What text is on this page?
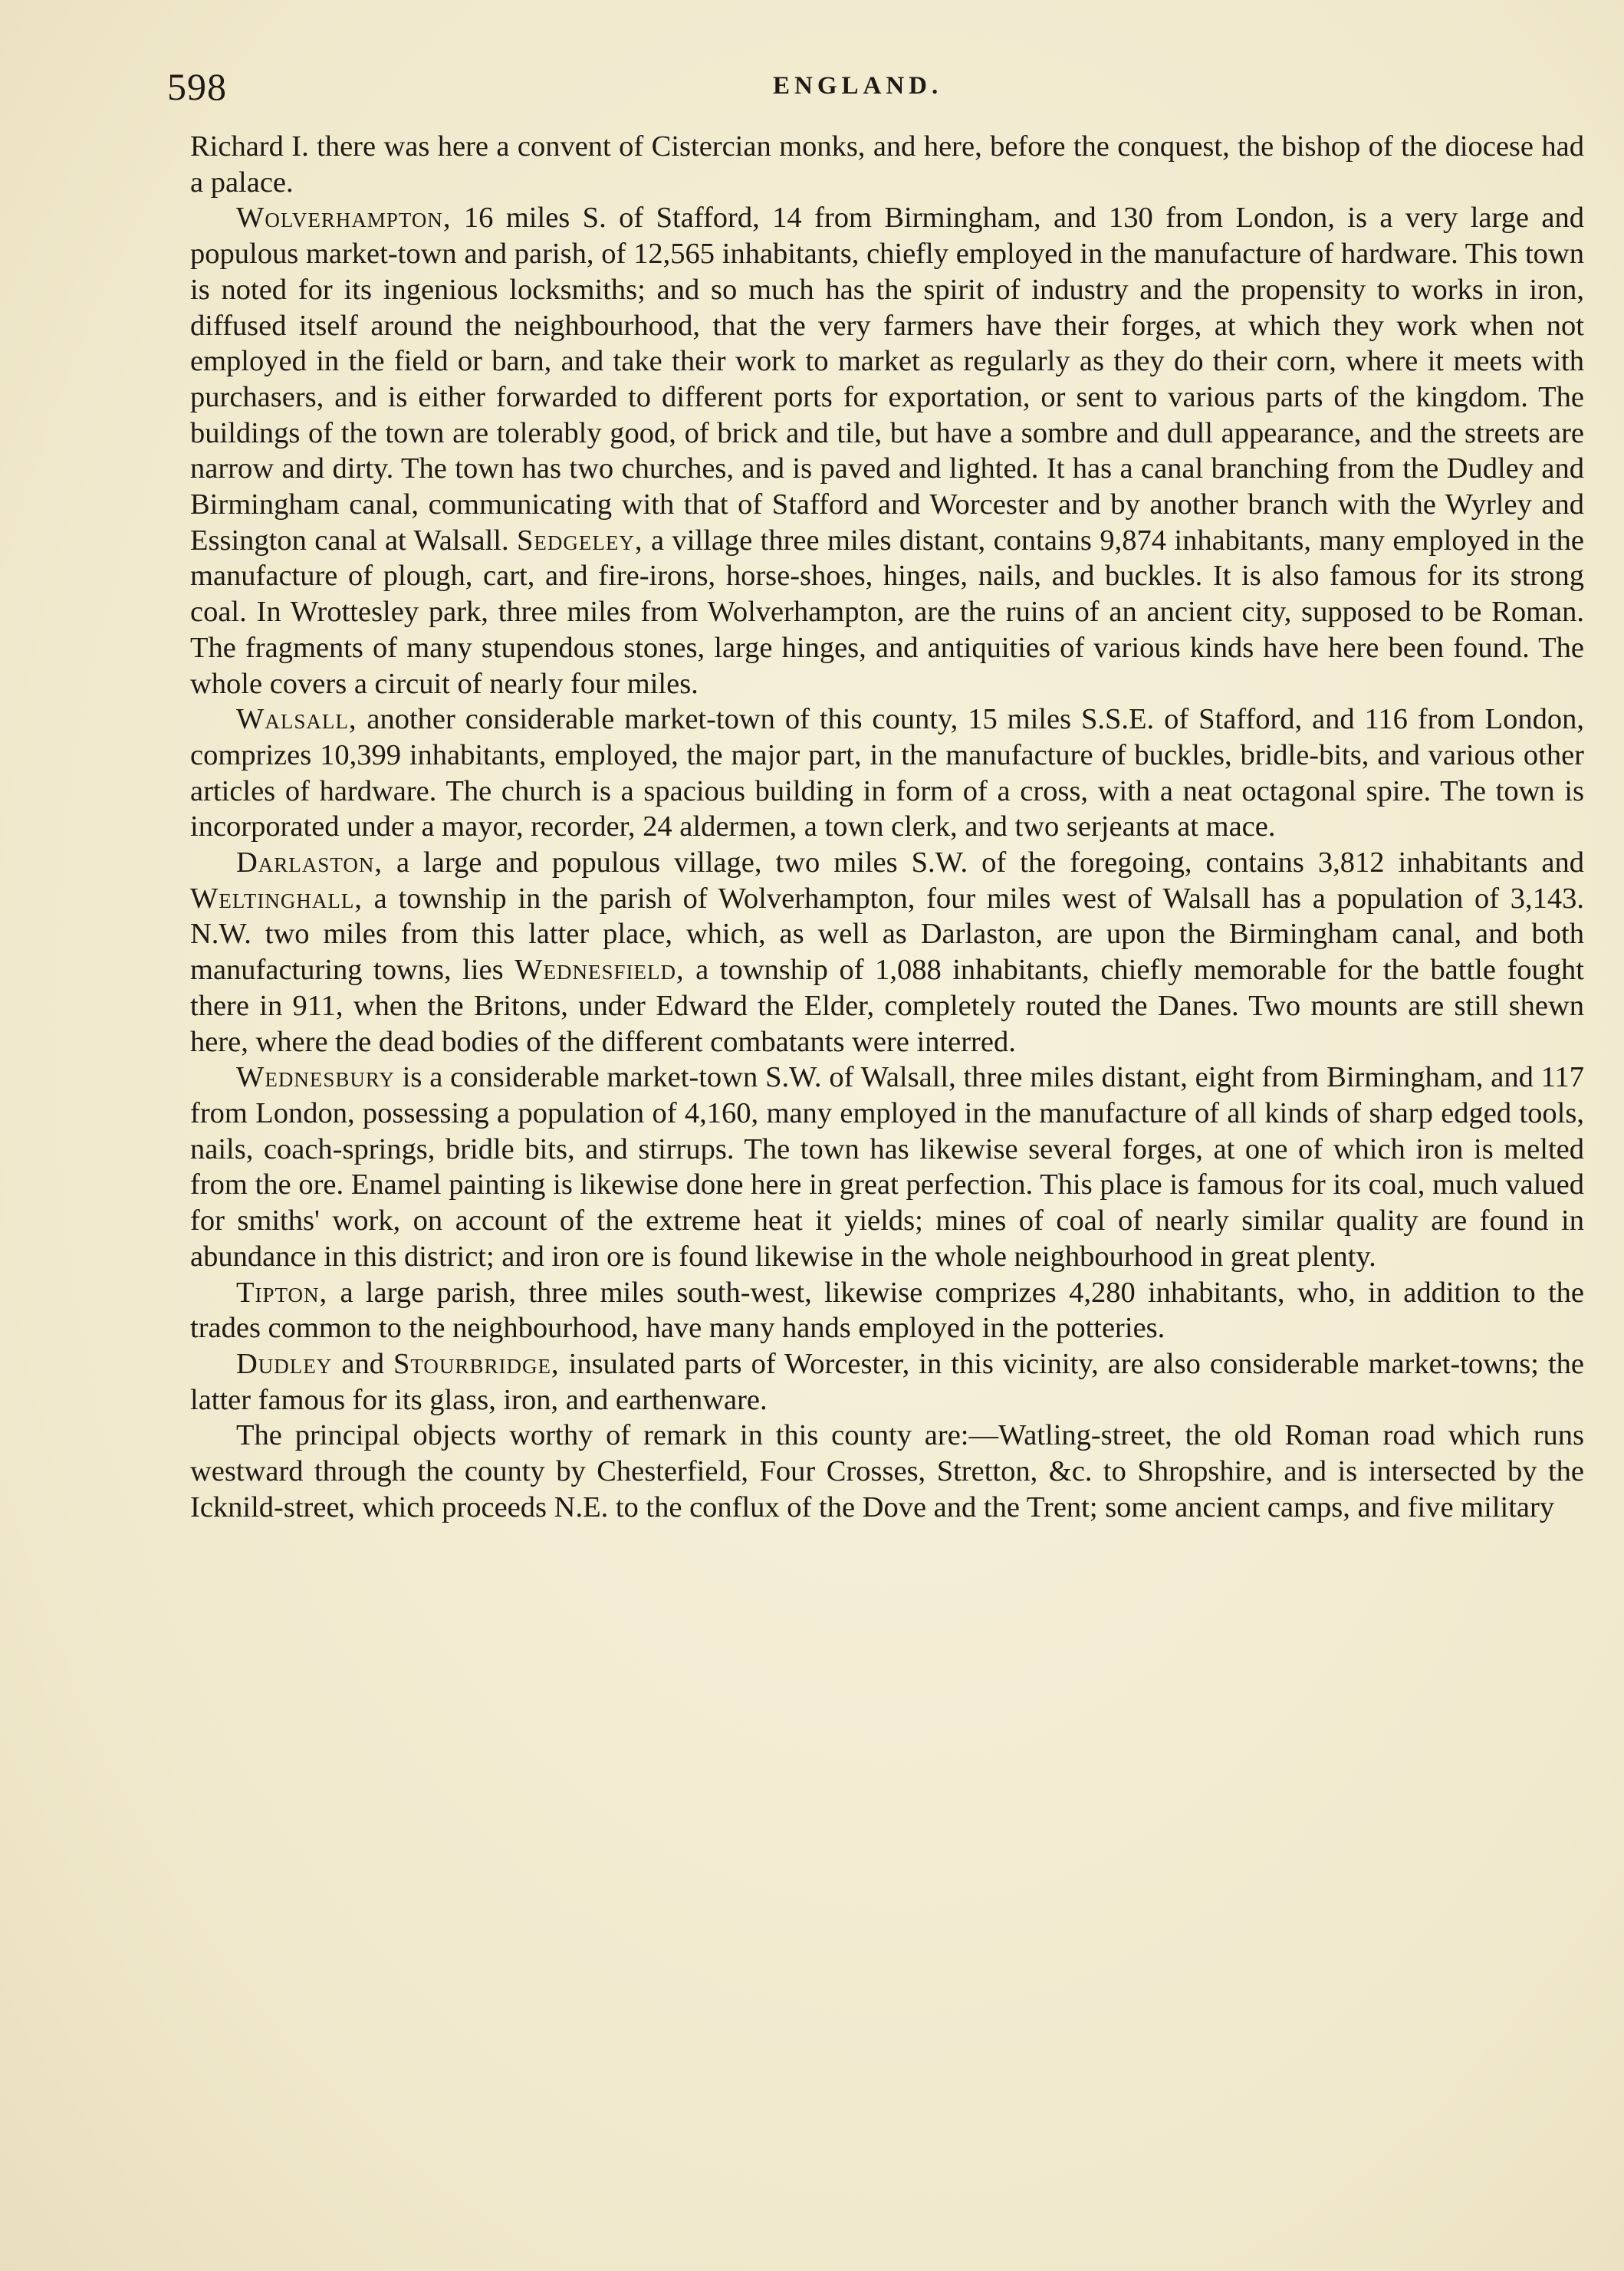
598	ENGLAND.

Richard I. there was here a convent of Cistercian monks, and here, before the conquest, the bishop of the diocese had a palace.

Wolverhampton, 16 miles S. of Stafford, 14 from Birmingham, and 130 from London, is a very large and populous market-town and parish, of 12,565 inhabitants, chiefly employed in the manufacture of hardware. This town is noted for its ingenious locksmiths; and so much has the spirit of industry and the propensity to works in iron, diffused itself around the neighbourhood, that the very farmers have their forges, at which they work when not employed in the field or barn, and take their work to market as regularly as they do their corn, where it meets with purchasers, and is either forwarded to different ports for exportation, or sent to various parts of the kingdom. The buildings of the town are tolerably good, of brick and tile, but have a sombre and dull appearance, and the streets are narrow and dirty. The town has two churches, and is paved and lighted. It has a canal branching from the Dudley and Birmingham canal, communicating with that of Stafford and Worcester and by another branch with the Wyrley and Essington canal at Walsall. Sedgeley, a village three miles distant, contains 9,874 inhabitants, many employed in the manufacture of plough, cart, and fire-irons, horse-shoes, hinges, nails, and buckles. It is also famous for its strong coal. In Wrottesley park, three miles from Wolverhampton, are the ruins of an ancient city, supposed to be Roman. The fragments of many stupendous stones, large hinges, and antiquities of various kinds have here been found. The whole covers a circuit of nearly four miles.

Walsall, another considerable market-town of this county, 15 miles S.S.E. of Stafford, and 116 from London, comprizes 10,399 inhabitants, employed, the major part, in the manufacture of buckles, bridle-bits, and various other articles of hardware. The church is a spacious building in form of a cross, with a neat octagonal spire. The town is incorporated under a mayor, recorder, 24 aldermen, a town clerk, and two serjeants at mace.

Darlaston, a large and populous village, two miles S.W. of the foregoing, contains 3,812 inhabitants and Weltinghall, a township in the parish of Wolverhampton, four miles west of Walsall has a population of 3,143. N.W. two miles from this latter place, which, as well as Darlaston, are upon the Birmingham canal, and both manufacturing towns, lies Wednesfield, a township of 1,088 inhabitants, chiefly memorable for the battle fought there in 911, when the Britons, under Edward the Elder, completely routed the Danes. Two mounts are still shewn here, where the dead bodies of the different combatants were interred.

Wednesbury is a considerable market-town S.W. of Walsall, three miles distant, eight from Birmingham, and 117 from London, possessing a population of 4,160, many employed in the manufacture of all kinds of sharp edged tools, nails, coach-springs, bridle bits, and stirrups. The town has likewise several forges, at one of which iron is melted from the ore. Enamel painting is likewise done here in great perfection. This place is famous for its coal, much valued for smiths' work, on account of the extreme heat it yields; mines of coal of nearly similar quality are found in abundance in this district; and iron ore is found likewise in the whole neighbourhood in great plenty.

Tipton, a large parish, three miles south-west, likewise comprizes 4,280 inhabitants, who, in addition to the trades common to the neighbourhood, have many hands employed in the potteries.

Dudley and Stourbridge, insulated parts of Worcester, in this vicinity, are also considerable market-towns; the latter famous for its glass, iron, and earthenware.

The principal objects worthy of remark in this county are:—Watling-street, the old Roman road which runs westward through the county by Chesterfield, Four Crosses, Stretton, &c. to Shropshire, and is intersected by the Icknild-street, which proceeds N.E. to the conflux of the Dove and the Trent; some ancient camps, and five military
